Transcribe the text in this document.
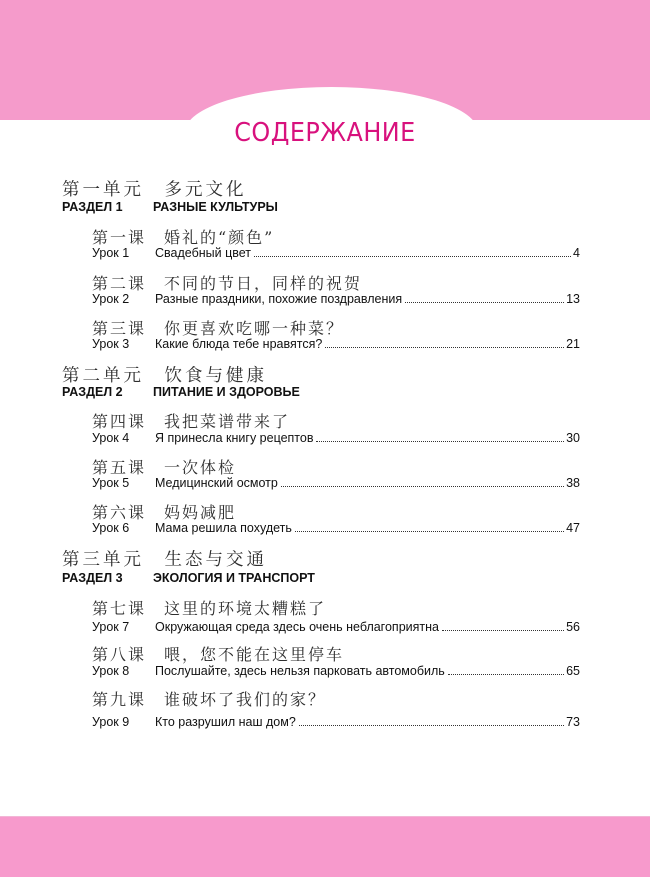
СОДЕРЖАНИЕ
第一单元　多元文化
РАЗДЕЛ 1 РАЗНЫЕ КУЛЬТУРЫ
第一课　婚礼的“颜色”
Урок 1	Свадебный цвет	4
第二课　不同的节日，同样的祝贺
Урок 2	Разные праздники, похожие поздравления	13
第三课　你更喜欢吃哪一种菜？
Урок 3	Какие блюда тебе нравятся?	21
第二单元　饮食与健康
РАЗДЕЛ 2 ПИТАНИЕ И ЗДОРОВЬЕ
第四课　我把菜谱带来了
Урок 4	Я принесла книгу рецептов	30
第五课　一次体检
Урок 5	Медицинский осмотр	38
第六课　妈妈减肥
Урок 6	Мама решила похудеть	47
第三单元　生态与交通
РАЗДЕЛ 3 ЭКОЛОГИЯ И ТРАНСПОРТ
第七课　这里的环境太糟糕了
Урок 7	Окружающая среда здесь очень неблагоприятна	56
第八课　喂，您不能在这里停车
Урок 8	Послушайте, здесь нельзя парковать автомобиль	65
第九课　谁破坏了我们的家？
Урок 9	Кто разрушил наш дом?	73
